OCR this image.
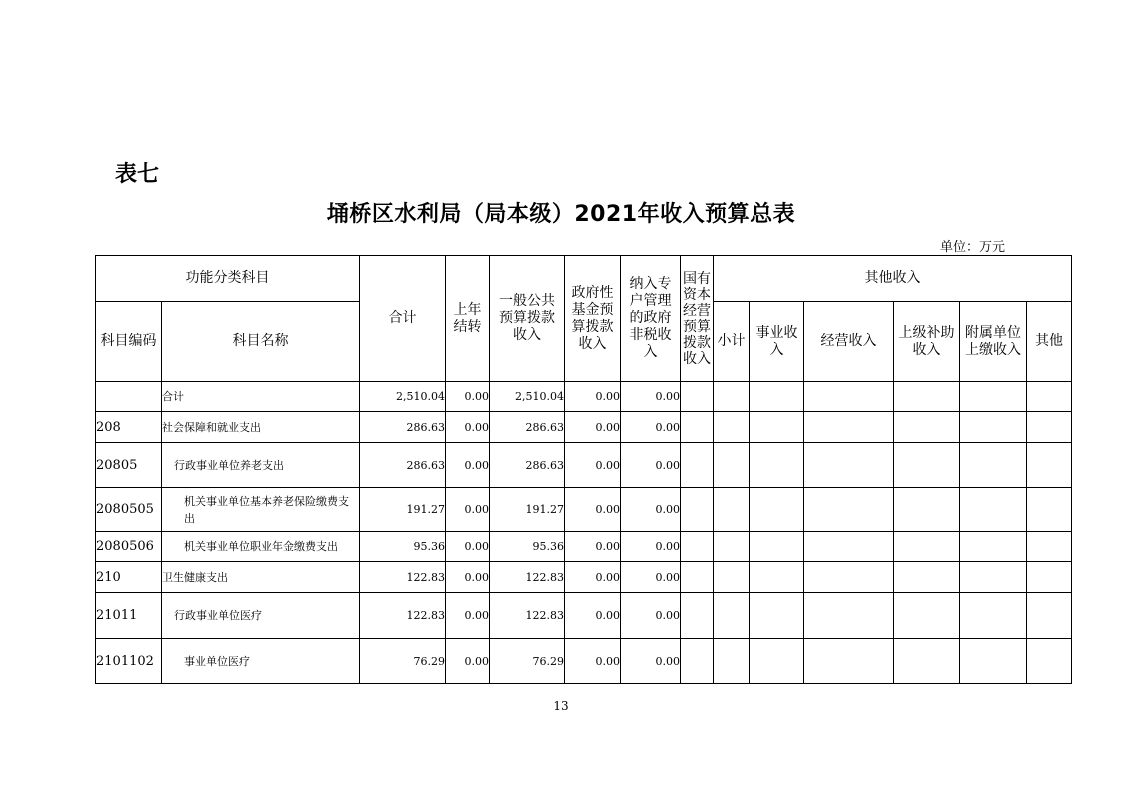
表七
埇桥区水利局（局本级）2021年收入预算总表
单位：万元
功能分类科目		合计	上年结转	一般公共预算拨款收入	政府性基金预算拨款收入	纳入专户管理的政府非税收入	国有资本经营预算拨款收入	其他收入					
科目编码	科目名称							小计	事业收入	经营收入	上级补助收入	附属单位上缴收入	其他
	合计	2,510.04	0.00	2,510.04	0.00	0.00							
208	社会保障和就业支出	286.63	0.00	286.63	0.00	0.00							
20805	行政事业单位养老支出	286.63	0.00	286.63	0.00	0.00							
2080505	机关事业单位基本养老保险缴费支出	191.27	0.00	191.27	0.00	0.00							
2080506	机关事业单位职业年金缴费支出	95.36	0.00	95.36	0.00	0.00							
210	卫生健康支出	122.83	0.00	122.83	0.00	0.00							
21011	行政事业单位医疗	122.83	0.00	122.83	0.00	0.00							
2101102	事业单位医疗	76.29	0.00	76.29	0.00	0.00							
13
